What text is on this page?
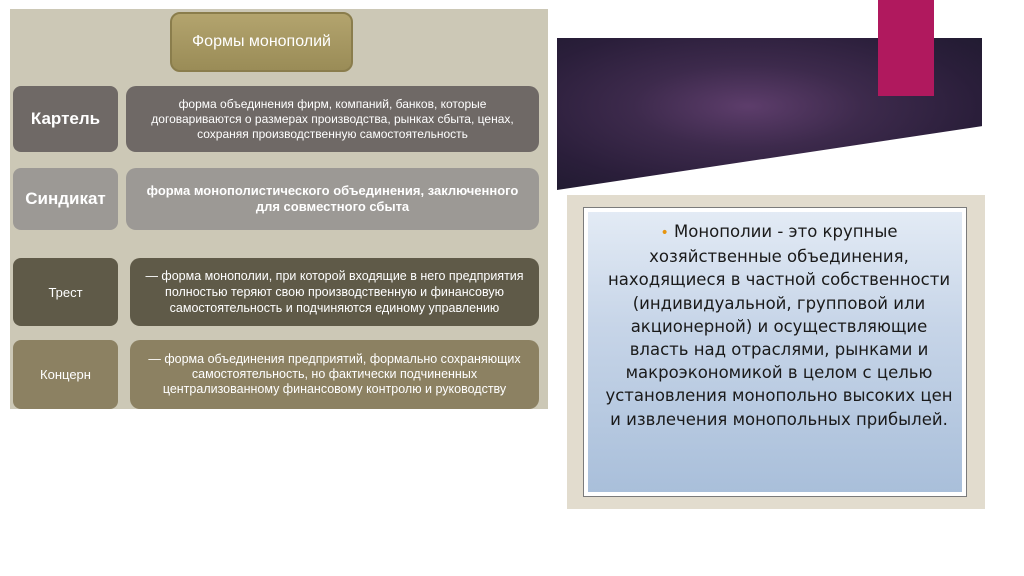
Формы монополий
Картель
форма объединения фирм, компаний, банков, которые договариваются о размерах производства, рынках сбыта, ценах, сохраняя производственную самостоятельность
Синдикат	форма монополистического объединения, заключенного для совместного сбыта
Трест
— форма монополии, при которой входящие в него предприятия полностью теряют свою производственную и финансовую самостоятельность и подчиняются единому управлению
Концерн
— форма объединения предприятий, формально сохраняющих самостоятельность, но фактически подчиненных централизованному финансовому контролю и руководству
• Монополии - это крупные хозяйственные объединения, находящиеся в частной собственности (индивидуальной, групповой или акционерной) и осуществляющие власть над отраслями, рынками и макроэкономикой в целом с целью установления монопольно высоких цен и извлечения монопольных прибылей.
